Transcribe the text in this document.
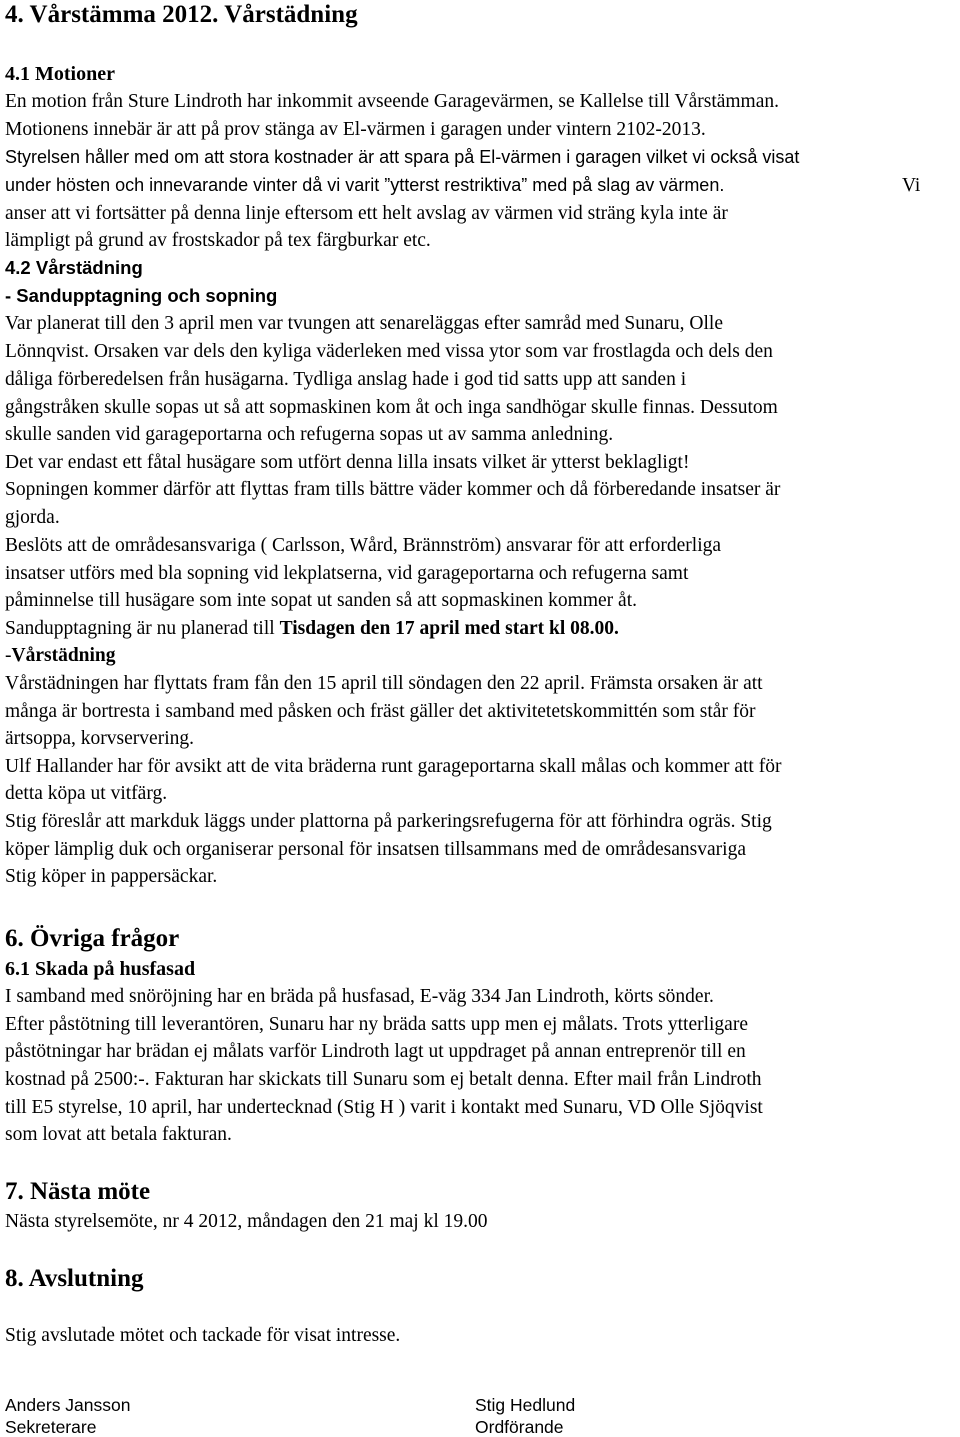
4. Vårstämma 2012. Vårstädning
4.1 Motioner
En motion från Sture Lindroth har inkommit avseende Garagevärmen, se Kallelse till Vårstämman.
Motionens innebär är att på prov stänga av El-värmen i garagen under vintern 2102-2013.
Styrelsen håller med om att stora kostnader är att spara på El-värmen i garagen vilket vi också visat
under hösten och innevarande vinter då vi varit ”ytterst restriktiva” med på slag av värmen.	Vi
anser att vi fortsätter på denna linje eftersom ett helt avslag av värmen vid sträng kyla inte är
lämpligt på grund av frostskador på tex färgburkar etc.
4.2 Vårstädning
- Sandupptagning och sopning
Var planerat till den 3 april men var tvungen att senareläggas efter samråd med Sunaru, Olle
Lönnqvist. Orsaken var dels den kyliga väderleken med vissa ytor som var frostlagda och dels den
dåliga förberedelsen från husägarna. Tydliga anslag hade i god tid satts upp att sanden i
gångstråken skulle sopas ut så att sopmaskinen kom åt och inga sandhögar skulle finnas. Dessutom
skulle sanden vid garageportarna och refugerna sopas ut av samma anledning.
Det var endast ett fåtal husägare som utfört denna lilla insats vilket är ytterst beklagligt!
Sopningen kommer därför att flyttas fram tills bättre väder kommer och då förberedande insatser är
gjorda.
Beslöts att de områdesansvariga ( Carlsson, Wård, Brännström) ansvarar för att erforderliga
insatser utförs med bla sopning vid lekplatserna, vid garageportarna och refugerna samt
påminnelse till husägare som inte sopat ut sanden så att sopmaskinen kommer åt.
Sandupptagning är nu planerad till Tisdagen den 17 april med start kl 08.00.
-Vårstädning
Vårstädningen har flyttats fram fån den 15 april till söndagen den 22 april. Främsta orsaken är att
många är bortresta i samband med påsken och fräst gäller det aktivitetetskommittén som står för
ärtsoppa, korvservering.
Ulf Hallander har för avsikt att de vita bräderna runt garageportarna skall målas och kommer att för
detta köpa ut vitfärg.
Stig föreslår att markduk läggs under plattorna på parkeringsrefugerna för att förhindra ogräs. Stig
köper lämplig duk och organiserar personal för insatsen tillsammans med de områdesansvariga
Stig köper in pappersäckar.
6. Övriga frågor
6.1 Skada på husfasad
I samband med snöröjning har en bräda på husfasad, E-väg 334 Jan Lindroth, körts sönder.
Efter påstötning till leverantören, Sunaru har ny bräda satts upp men ej målats. Trots ytterligare
påstötningar har brädan ej målats varför Lindroth lagt ut uppdraget på annan entreprenör till en
kostnad på 2500:-. Fakturan har skickats till Sunaru som ej betalt denna. Efter mail från Lindroth
till E5 styrelse, 10 april, har undertecknad (Stig H ) varit i kontakt med Sunaru, VD Olle Sjöqvist
som lovat att betala fakturan.
7. Nästa möte
Nästa styrelsemöte, nr 4 2012, måndagen den 21 maj kl 19.00
8. Avslutning
Stig avslutade mötet och tackade för visat intresse.
Anders Jansson
Sekreterare
Stig Hedlund
Ordförande
